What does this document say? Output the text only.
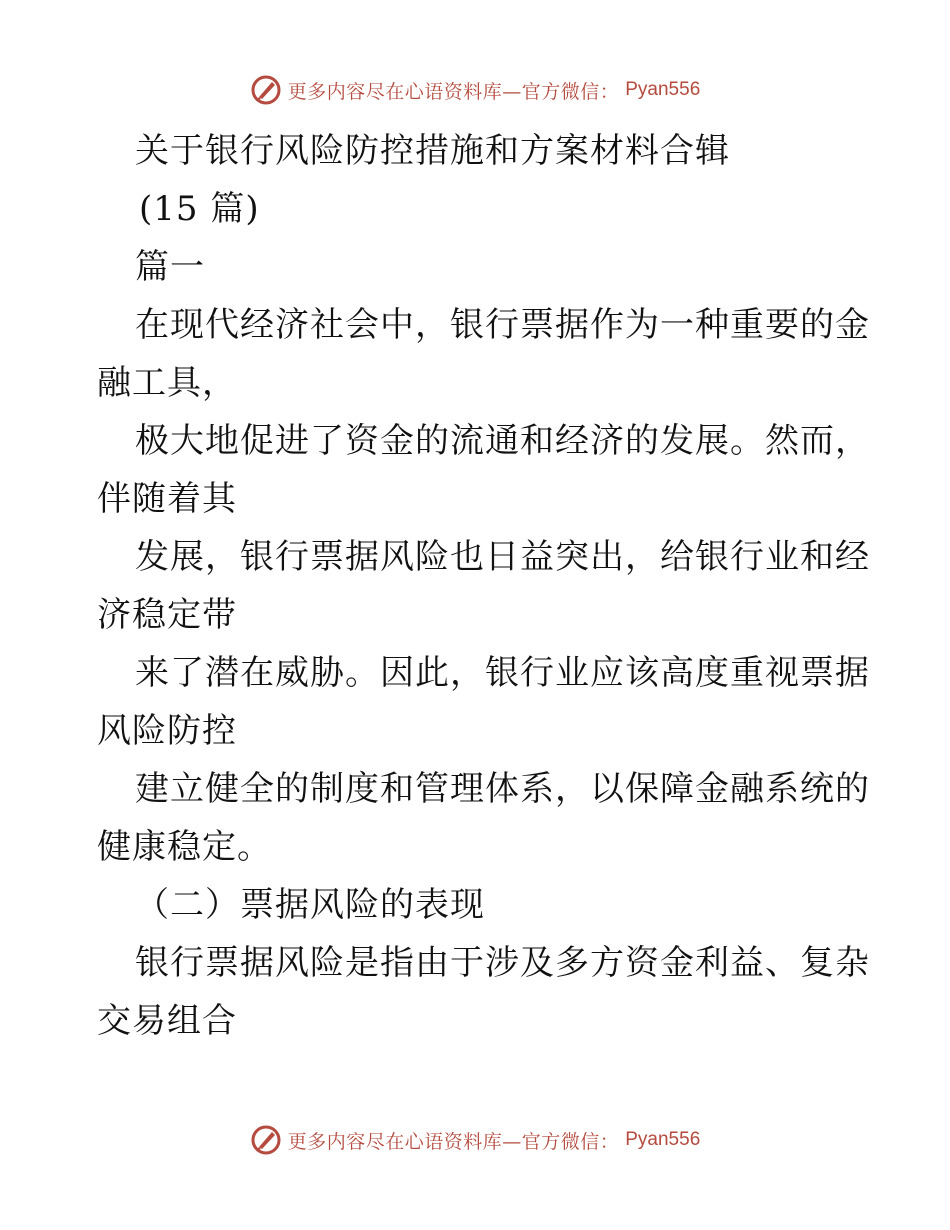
更多内容尽在心语资料库—官方微信： Pyan556
关于银行风险防控措施和方案材料合辑
(15 篇)
篇一
在现代经济社会中，银行票据作为一种重要的金
融工具，
极大地促进了资金的流通和经济的发展。然而，
伴随着其
发展，银行票据风险也日益突出，给银行业和经
济稳定带
来了潜在威胁。因此，银行业应该高度重视票据
风险防控
建立健全的制度和管理体系，以保障金融系统的
健康稳定。
（二）票据风险的表现
银行票据风险是指由于涉及多方资金利益、复杂
交易组合
更多内容尽在心语资料库—官方微信： Pyan556
